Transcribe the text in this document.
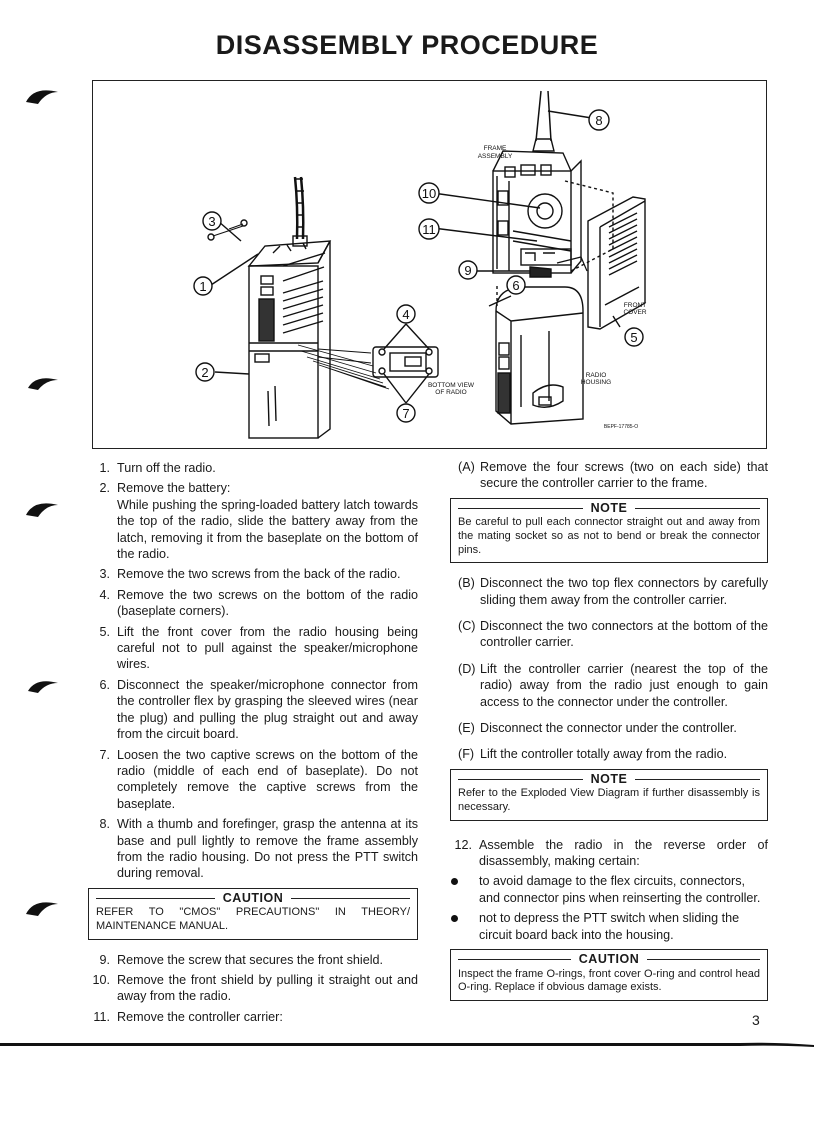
DISASSEMBLY PROCEDURE
3
1
2
4
7
8
10
11
9
6
5
FRAME
ASSEMBLY
FRONT
COVER
RADIO
HOUSING
BOTTOM VIEW
OF RADIO
BEPF-17785-O
1. Turn off the radio.
2. Remove the battery:
While pushing the spring-loaded battery latch towards the top of the radio, slide the battery away from the latch, removing it from the baseplate on the bottom of the radio.
3. Remove the two screws from the back of the radio.
4. Remove the two screws on the bottom of the radio (baseplate corners).
5. Lift the front cover from the radio housing being careful not to pull against the speaker/microphone wires.
6. Disconnect the speaker/microphone connector from the controller flex by grasping the sleeved wires (near the plug) and pulling the plug straight out and away from the circuit board.
7. Loosen the two captive screws on the bottom of the radio (middle of each end of baseplate). Do not completely remove the captive screws from the baseplate.
8. With a thumb and forefinger, grasp the antenna at its base and pull lightly to remove the frame assembly from the radio housing. Do not press the PTT switch during removal.
CAUTION
REFER TO "CMOS" PRECAUTIONS" IN THEORY/ MAINTENANCE MANUAL.
9. Remove the screw that secures the front shield.
10. Remove the front shield by pulling it straight out and away from the radio.
11. Remove the controller carrier:
(A) Remove the four screws (two on each side) that secure the controller carrier to the frame.
NOTE
Be careful to pull each connector straight out and away from the mating socket so as not to bend or break the connector pins.
(B) Disconnect the two top flex connectors by carefully sliding them away from the controller carrier.
(C) Disconnect the two connectors at the bottom of the controller carrier.
(D) Lift the controller carrier (nearest the top of the radio) away from the radio just enough to gain access to the connector under the controller.
(E) Disconnect the connector under the controller.
(F) Lift the controller totally away from the radio.
NOTE
Refer to the Exploded View Diagram if further disassembly is necessary.
12. Assemble the radio in the reverse order of disassembly, making certain:
to avoid damage to the flex circuits, connectors, and connector pins when reinserting the controller.
not to depress the PTT switch when sliding the circuit board back into the housing.
CAUTION
Inspect the frame O-rings, front cover O-ring and control head O-ring. Replace if obvious damage exists.
3
